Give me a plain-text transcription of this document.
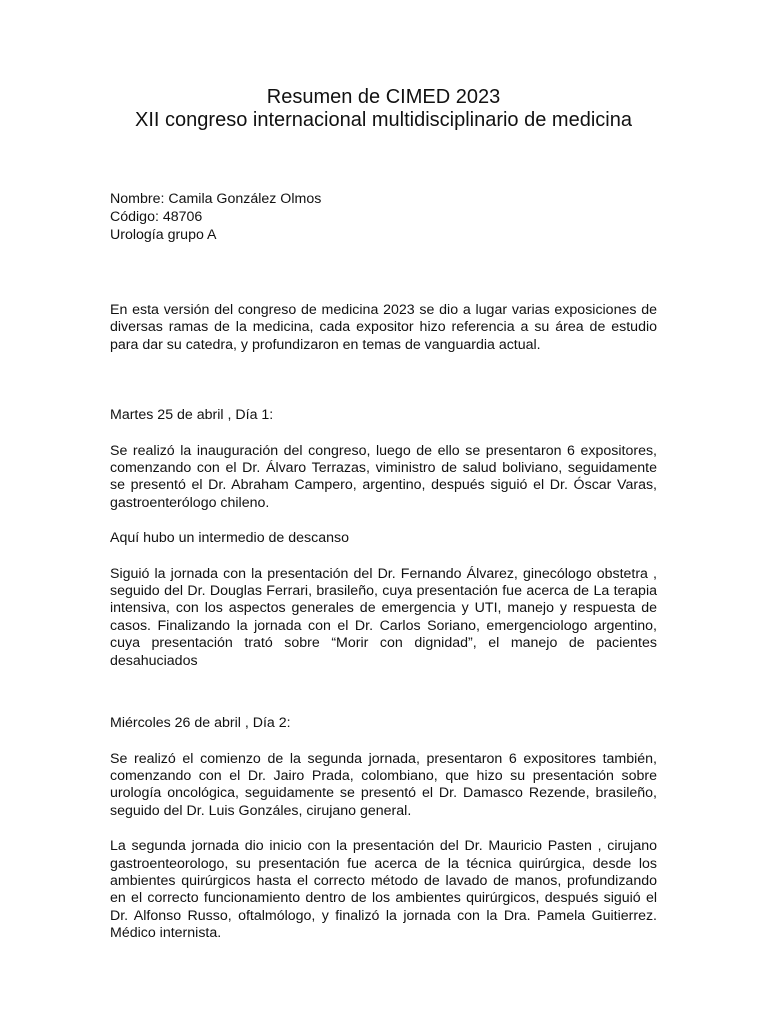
Resumen de CIMED 2023
XII congreso internacional multidisciplinario de medicina
Nombre: Camila González Olmos
Código: 48706
Urología grupo A

En esta versión del congreso de medicina 2023 se dio a lugar varias exposiciones de diversas ramas de la medicina, cada expositor hizo referencia a su área de estudio para dar su catedra, y profundizaron en temas de vanguardia actual.

Martes 25 de abril , Día 1:

Se realizó la inauguración del congreso, luego de ello se presentaron 6 expositores, comenzando con el Dr. Álvaro Terrazas, viministro de salud boliviano, seguidamente se presentó el Dr. Abraham Campero, argentino, después siguió el Dr. Óscar Varas, gastroenterólogo chileno.

Aquí hubo un intermedio de descanso

Siguió la jornada con la presentación del Dr. Fernando Álvarez, ginecólogo obstetra , seguido del Dr. Douglas Ferrari, brasileño, cuya presentación fue acerca de La terapia intensiva, con los aspectos generales de emergencia y UTI, manejo y respuesta de casos. Finalizando la jornada con el Dr. Carlos Soriano, emergenciologo argentino, cuya presentación trató sobre “Morir con dignidad”, el manejo de pacientes desahuciados

Miércoles 26 de abril , Día 2:

Se realizó el comienzo de la segunda jornada, presentaron 6 expositores también, comenzando con el Dr. Jairo Prada, colombiano, que hizo su presentación sobre urología oncológica, seguidamente se presentó el Dr. Damasco Rezende, brasileño, seguido del Dr. Luis Gonzáles, cirujano general.

La segunda jornada dio inicio con la presentación del Dr. Mauricio Pasten , cirujano gastroenteorologo, su presentación fue acerca de la técnica quirúrgica, desde los ambientes quirúrgicos hasta el correcto método de lavado de manos, profundizando en el correcto funcionamiento dentro de los ambientes quirúrgicos, después siguió el Dr. Alfonso Russo, oftalmólogo, y finalizó la jornada con la Dra. Pamela Guitierrez. Médico internista.
